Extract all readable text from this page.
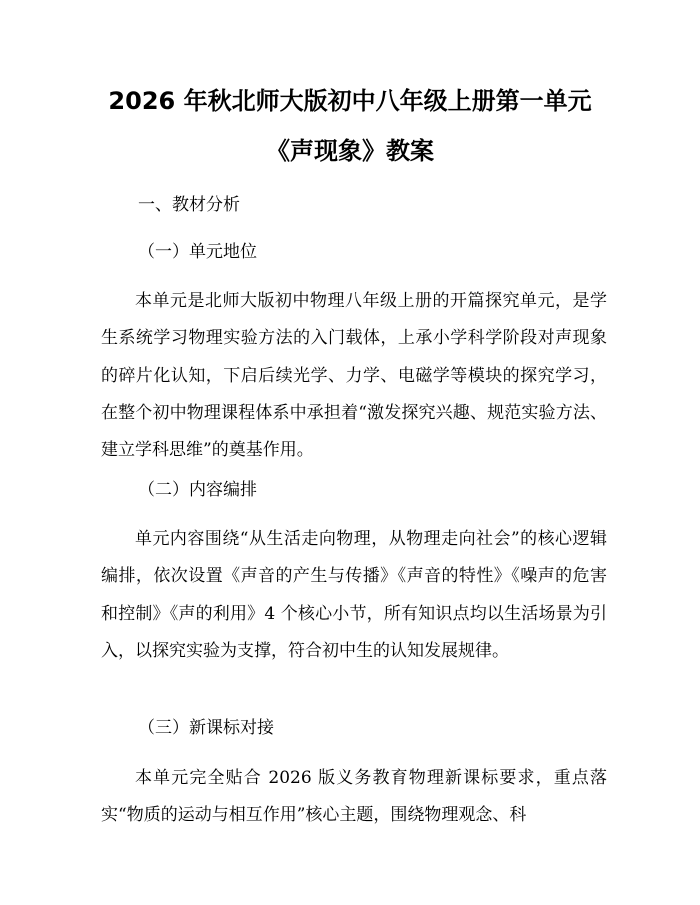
2026 年秋北师大版初中八年级上册第一单元
《声现象》教案
一、教材分析
（一）单元地位

本单元是北师大版初中物理八年级上册的开篇探究单元，是学生系统学习物理实验方法的入门载体，上承小学科学阶段对声现象的碎片化认知，下启后续光学、力学、电磁学等模块的探究学习，在整个初中物理课程体系中承担着“激发探究兴趣、规范实验方法、建立学科思维”的奠基作用。

（二）内容编排

单元内容围绕“从生活走向物理，从物理走向社会”的核心逻辑编排，依次设置《声音的产生与传播》《声音的特性》《噪声的危害和控制》《声的利用》4 个核心小节，所有知识点均以生活场景为引入，以探究实验为支撑，符合初中生的认知发展规律。

（三）新课标对接

本单元完全贴合 2026 版义务教育物理新课标要求，重点落实“物质的运动与相互作用”核心主题，围绕物理观念、科
